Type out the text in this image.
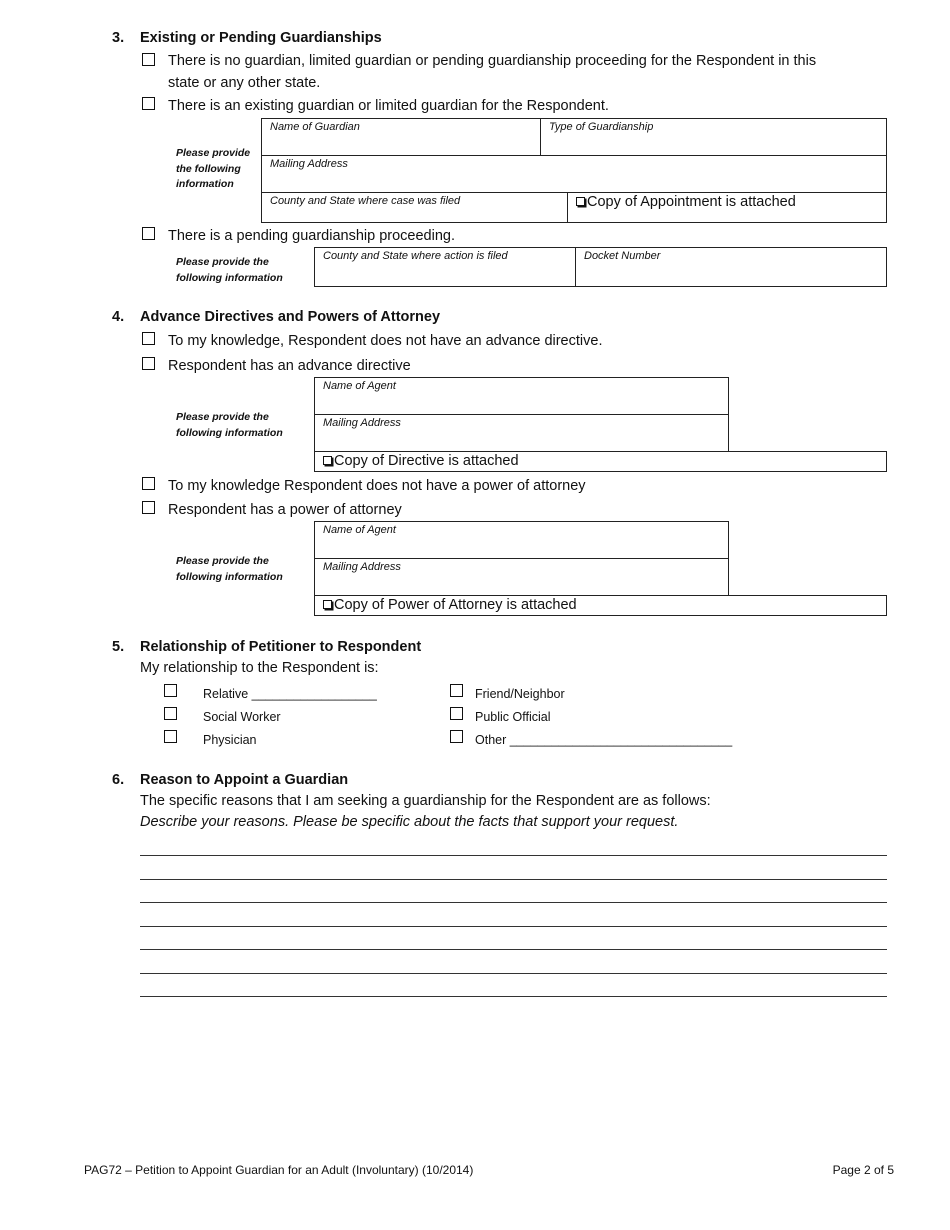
3. Existing or Pending Guardianships
There is no guardian, limited guardian or pending guardianship proceeding for the Respondent in this
state or any other state.
There is an existing guardian or limited guardian for the Respondent.
Please provide
the following
information
Name of Guardian	Type of Guardianship
Mailing Address
County and State where case was filed	Copy of Appointment is attached
There is a pending guardianship proceeding.
Please provide the
following information
County and State where action is filed	Docket Number
4. Advance Directives and Powers of Attorney
To my knowledge, Respondent does not have an advance directive.
Respondent has an advance directive
Please provide the
following information
Name of Agent
Mailing Address
Copy of Directive is attached
To my knowledge Respondent does not have a power of attorney
Respondent has a power of attorney
Please provide the
following information
Name of Agent
Mailing Address
Copy of Power of Attorney is attached
5. Relationship of Petitioner to Respondent
My relationship to the Respondent is:
Relative __________________
Social Worker
Physician
Friend/Neighbor
Public Official
Other ________________________________
6. Reason to Appoint a Guardian
The specific reasons that I am seeking a guardianship for the Respondent are as follows:
Describe your reasons. Please be specific about the facts that support your request.
PAG72 – Petition to Appoint Guardian for an Adult (Involuntary) (10/2014)	Page 2 of 5
